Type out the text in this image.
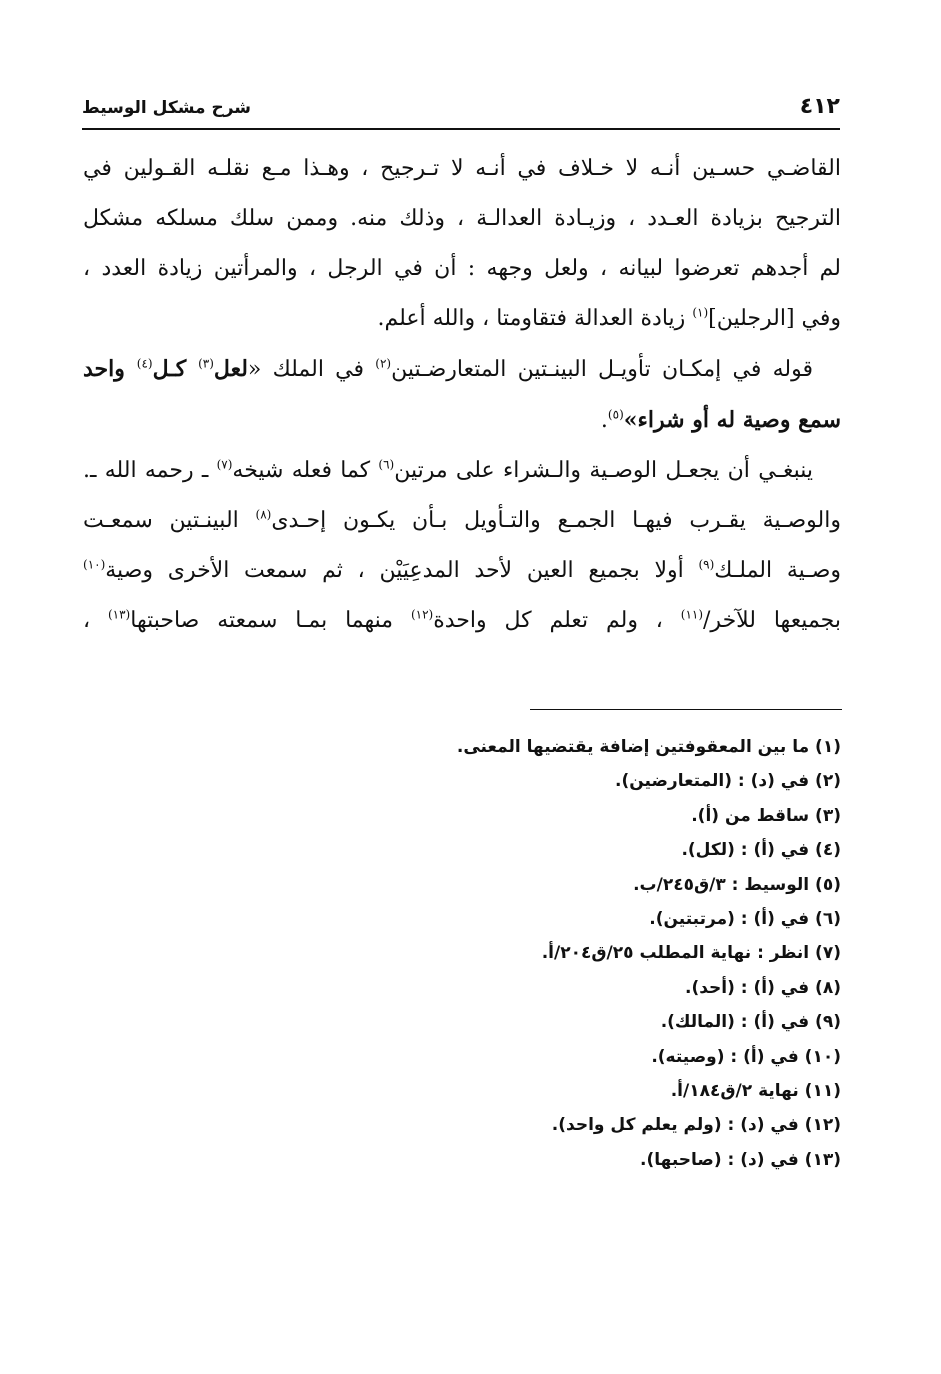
٤١٢
شرح مشكل الوسيط
القاضـي حسـين أنـه لا خـلاف في أنـه لا تـرجيح ، وهـذا مـع نقلـه القـولين في
الترجيح بزيادة العـدد ، وزيـادة العدالـة ، وذلك منه. وممن سلك مسلكه مشكل
لم أجدهم تعرضوا لبيانه ، ولعل وجهه : أن في الرجل ، والمرأتين زيادة العدد ،
وفي [الرجلين]$^{(١)}$ زيادة العدالة فتقاومتا ، والله أعلم.
قوله في إمكـان تأويـل البينـتين المتعارضـتين$^{(٢)}$ في الملك «لعل$^{(٣)}$ كـل$^{(٤)}$ واحد
سمع وصية له أو شراء»$^{(٥)}$.
ينبغـي أن يجعـل الوصـية والـشراء على مرتين$^{(٦)}$ كما فعله شيخه$^{(٧)}$ ـ رحمه الله ـ.
والوصـية يقـرب فيهـا الجمـع والتـأويل بـأن يكـون إحـدى$^{(٨)}$ البينـتين سمعـت
وصـية الملـك$^{(٩)}$ أولا بجميع العين لأحد المدعِيَيْن ، ثم سمعت الأخرى وصية$^{(١٠)}$
بجميعها للآخر/$^{(١١)}$ ، ولم تعلم كل واحدة$^{(١٢)}$ منهما بمـا سمعته صاحبتها$^{(١٣)}$ ،
(١) ما بين المعقوفتين إضافة يقتضيها المعنى.
(٢) في (د) : (المتعارضين).
(٣) ساقط من (أ).
(٤) في (أ) : (لكل).
(٥) الوسيط : ٣/ق٢٤٥/ب.
(٦) في (أ) : (مرتبتين).
(٧) انظر : نهاية المطلب ٢٥/ق٢٠٤/أ.
(٨) في (أ) : (أحد).
(٩) في (أ) : (المالك).
(١٠) في (أ) : (وصيته).
(١١) نهاية ٢/ق١٨٤/أ.
(١٢) في (د) : (ولم يعلم كل واحد).
(١٣) في (د) : (صاحبها).
